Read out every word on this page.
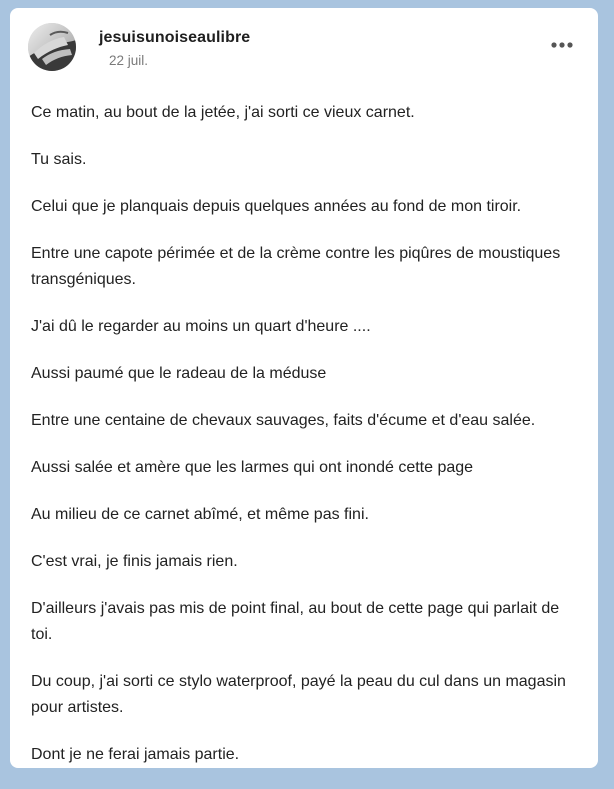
jesuisunoiseaulibre
22 juil.

Ce matin, au bout de la jetée, j'ai sorti ce vieux carnet.

Tu sais.

Celui que je planquais depuis quelques années au fond de mon tiroir.

Entre une capote périmée et de la crème contre les piqûres de moustiques transgéniques.

J'ai dû le regarder au moins un quart d'heure ....

Aussi paumé que le radeau de la méduse

Entre une centaine de chevaux sauvages, faits d'écume et d'eau salée.

Aussi salée et amère que les larmes qui ont inondé cette page

Au milieu de ce carnet abîmé, et même pas fini.

C'est vrai, je finis jamais rien.

D'ailleurs j'avais pas mis de point final, au bout de cette page qui parlait de toi.

Du coup, j'ai sorti ce stylo waterproof, payé la peau du cul dans un magasin pour artistes.

Dont je ne ferai jamais partie.
